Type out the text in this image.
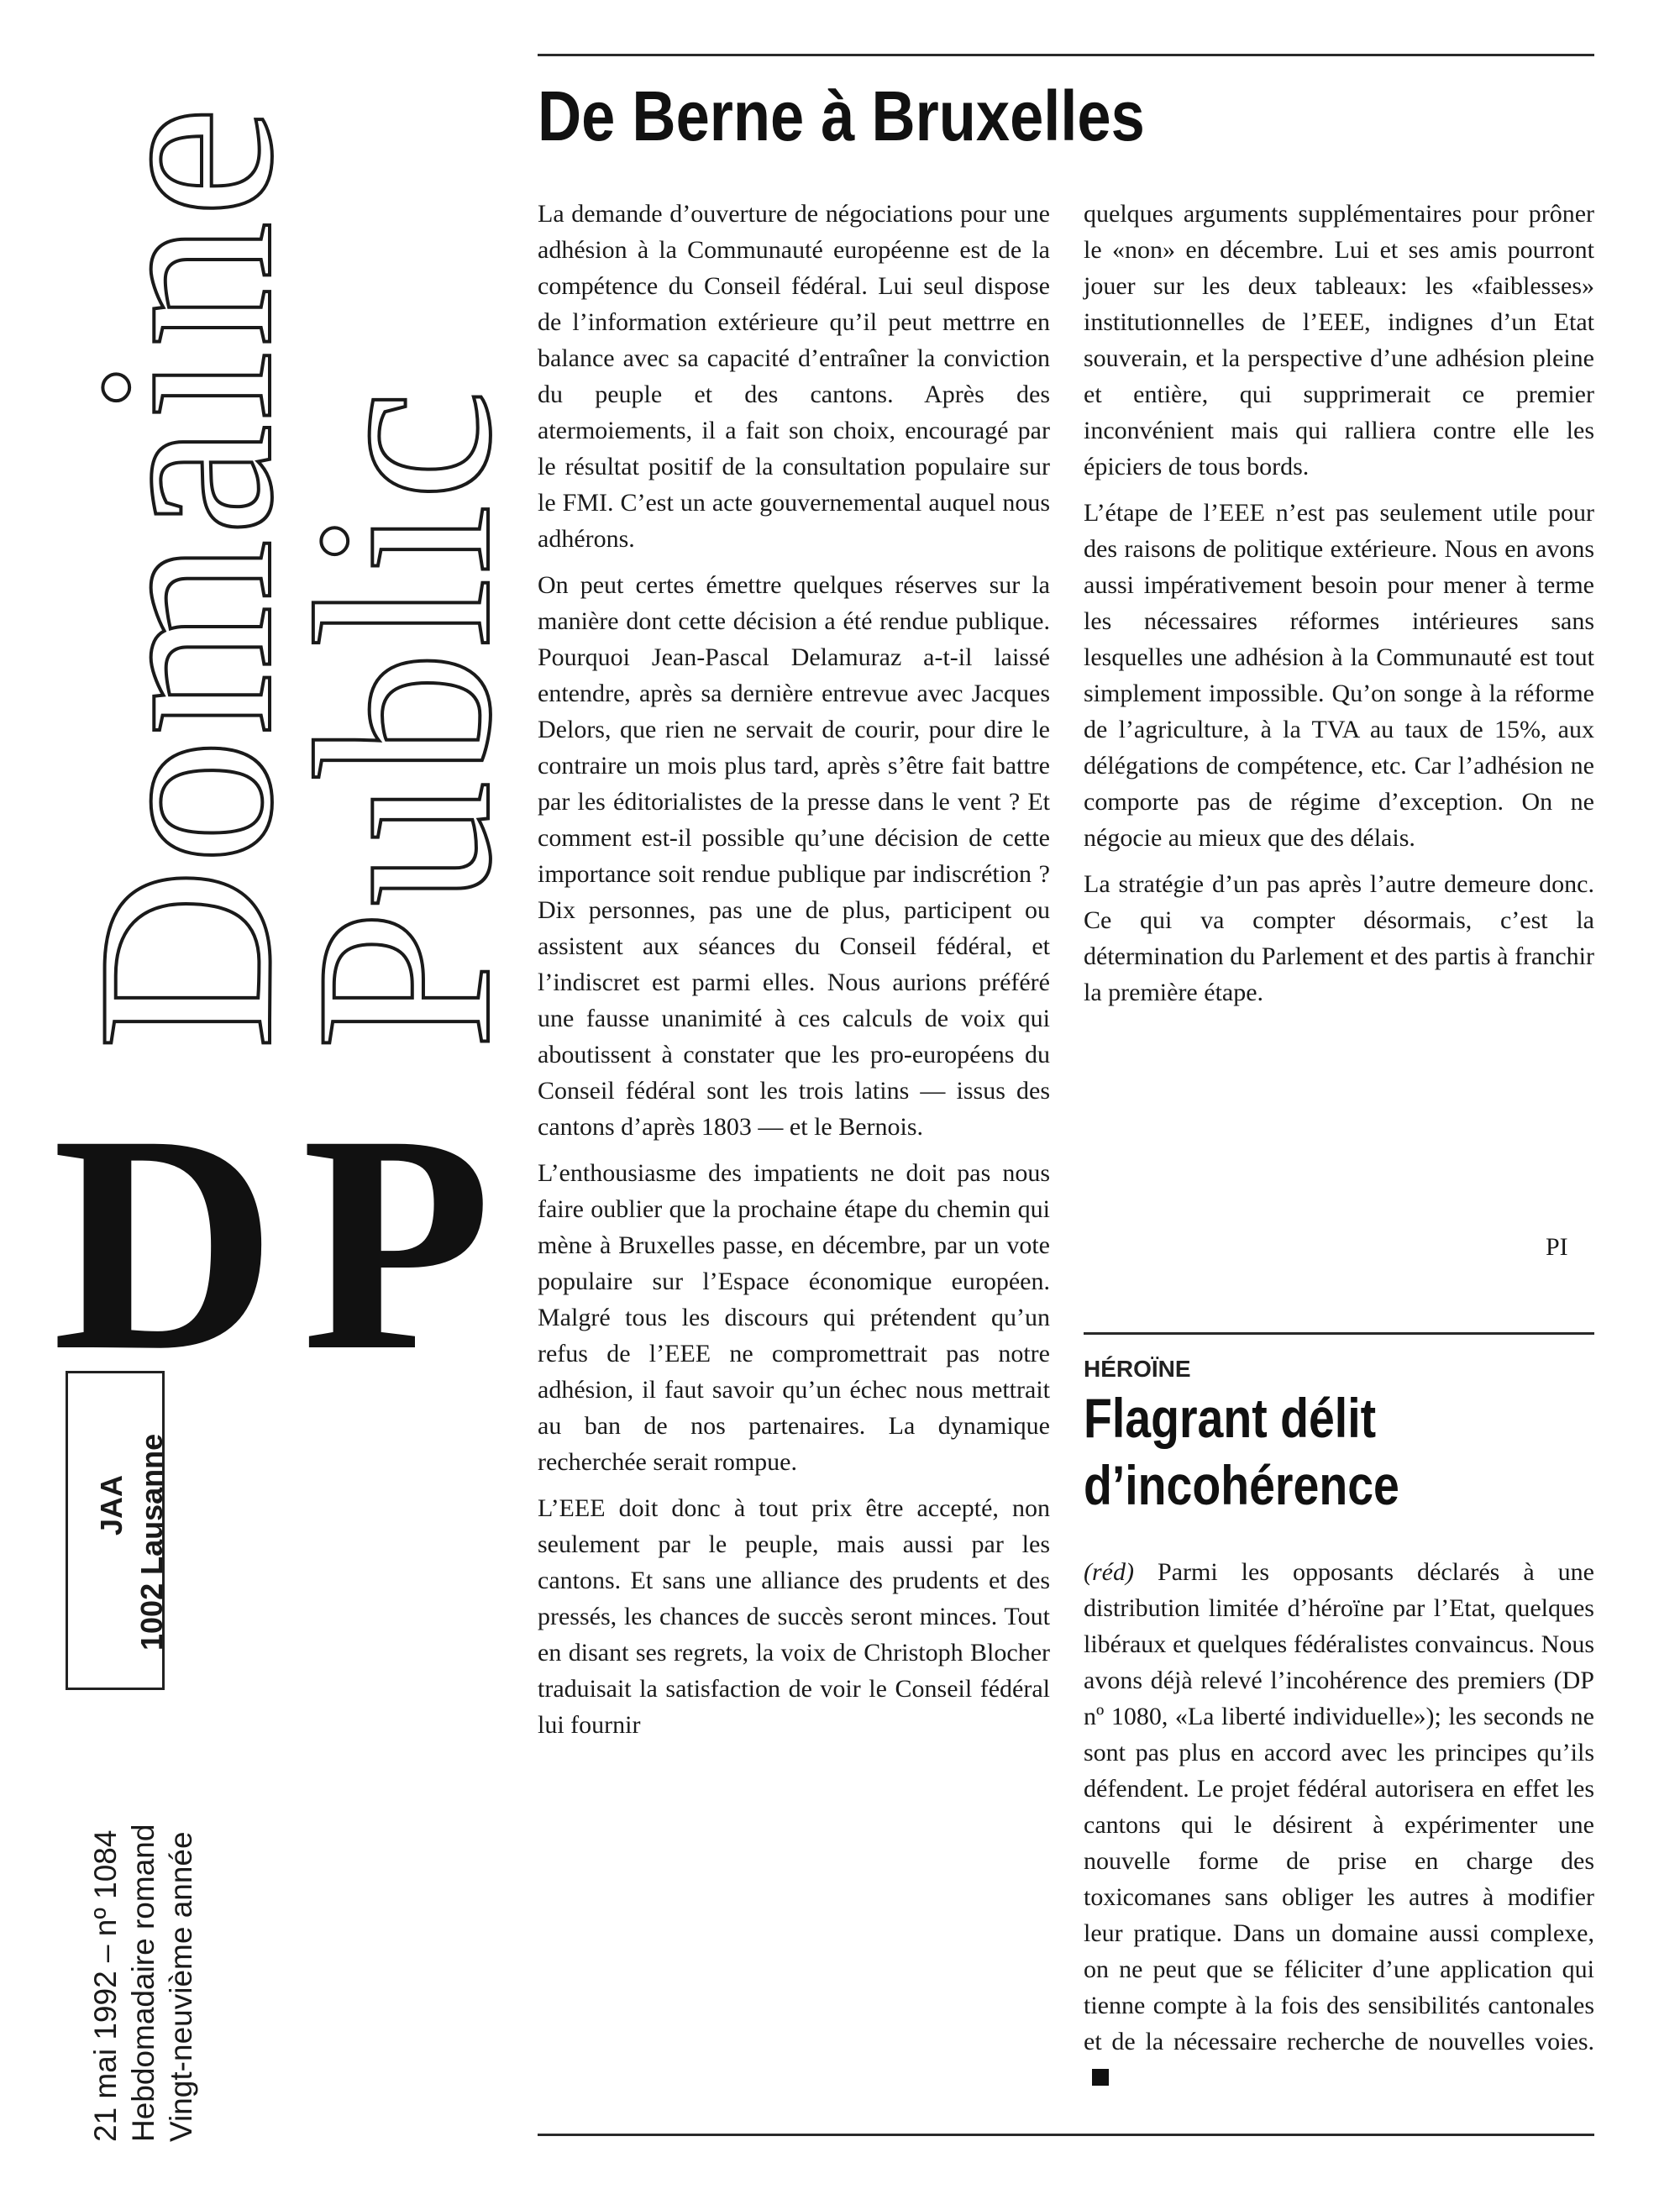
Domaine
Public
DP
JAA 1002 Lausanne
21 mai 1992 – nº 1084 Hebdomadaire romand Vingt-neuvième année
De Berne à Bruxelles

La demande d’ouverture de négociations pour une adhésion à la Communauté européenne est de la compétence du Conseil fédéral. Lui seul dispose de l’information extérieure qu’il peut mettrre en balance avec sa capacité d’entraîner la conviction du peuple et des cantons. Après des atermoiements, il a fait son choix, encouragé par le résultat positif de la consultation populaire sur le FMI. C’est un acte gouvernemental auquel nous adhérons.

On peut certes émettre quelques réserves sur la manière dont cette décision a été rendue publique. Pourquoi Jean-Pascal Delamuraz a-t-il laissé entendre, après sa dernière entrevue avec Jacques Delors, que rien ne servait de courir, pour dire le contraire un mois plus tard, après s’être fait battre par les éditorialistes de la presse dans le vent ? Et comment est-il possible qu’une décision de cette importance soit rendue publique par indiscrétion ? Dix personnes, pas une de plus, participent ou assistent aux séances du Conseil fédéral, et l’indiscret est parmi elles. Nous aurions préféré une fausse unanimité à ces calculs de voix qui aboutissent à constater que les pro-européens du Conseil fédéral sont les trois latins — issus des cantons d’après 1803 — et le Bernois.

L’enthousiasme des impatients ne doit pas nous faire oublier que la prochaine étape du chemin qui mène à Bruxelles passe, en décembre, par un vote populaire sur l’Espace économique européen. Malgré tous les discours qui prétendent qu’un refus de l’EEE ne compromettrait pas notre adhésion, il faut savoir qu’un échec nous mettrait au ban de nos partenaires. La dynamique recherchée serait rompue.

L’EEE doit donc à tout prix être accepté, non seulement par le peuple, mais aussi par les cantons. Et sans une alliance des prudents et des pressés, les chances de succès seront minces. Tout en disant ses regrets, la voix de Christoph Blocher traduisait la satisfaction de voir le Conseil fédéral lui fournir

quelques arguments supplémentaires pour prôner le «non» en décembre. Lui et ses amis pourront jouer sur les deux tableaux: les «faiblesses» institutionnelles de l’EEE, indignes d’un Etat souverain, et la perspective d’une adhésion pleine et entière, qui supprimerait ce premier inconvénient mais qui ralliera contre elle les épiciers de tous bords.

L’étape de l’EEE n’est pas seulement utile pour des raisons de politique extérieure. Nous en avons aussi impérativement besoin pour mener à terme les nécessaires réformes intérieures sans lesquelles une adhésion à la Communauté est tout simplement impossible. Qu’on songe à la réforme de l’agriculture, à la TVA au taux de 15%, aux délégations de compétence, etc. Car l’adhésion ne comporte pas de régime d’exception. On ne négocie au mieux que des délais.

La stratégie d’un pas après l’autre demeure donc. Ce qui va compter désormais, c’est la détermination du Parlement et des partis à franchir la première étape.

PI
HÉROÏNE
Flagrant délit
d’incohérence

(réd) Parmi les opposants déclarés à une distribution limitée d’héroïne par l’Etat, quelques libéraux et quelques fédéralistes convaincus. Nous avons déjà relevé l’incohérence des premiers (DP nº 1080, «La liberté individuelle»); les seconds ne sont pas plus en accord avec les principes qu’ils défendent. Le projet fédéral autorisera en effet les cantons qui le désirent à expérimenter une nouvelle forme de prise en charge des toxicomanes sans obliger les autres à modifier leur pratique. Dans un domaine aussi complexe, on ne peut que se féliciter d’une application qui tienne compte à la fois des sensibilités cantonales et de la nécessaire recherche de nouvelles voies.
